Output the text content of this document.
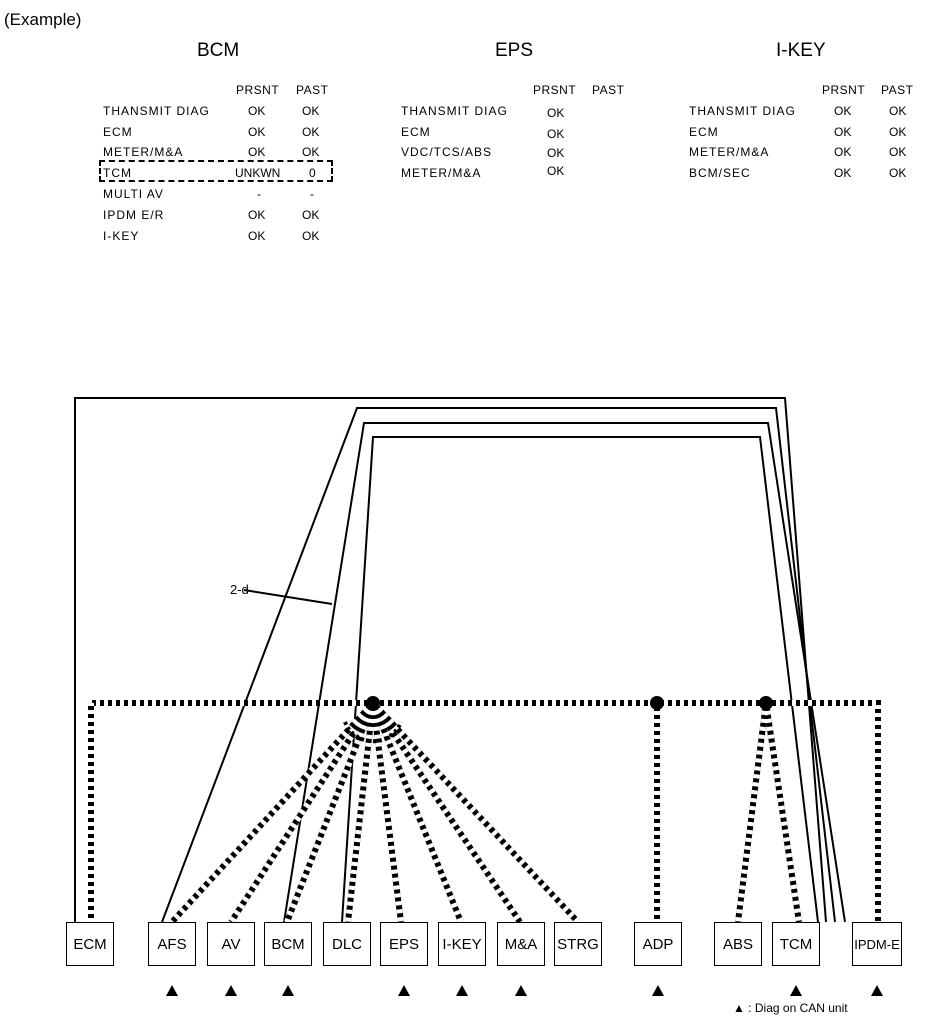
(Example)
BCM
PRSNT PAST
THANSMIT DIAG	OK	OK
ECM	OK	OK
METER/M&A	OK	OK
TCM	UNKWN 0
MULTI AV	-	-
IPDM E/R	OK	OK
I-KEY	OK	OK
EPS
PRSNT PAST
THANSMIT DIAG	OK
ECM	OK
VDC/TCS/ABS	OK
METER/M&A	OK
I-KEY
PRSNT PAST
THANSMIT DIAG	OK	OK
ECM	OK	OK
METER/M&A	OK	OK
BCM/SEC	OK	OK
2-d
ECM	AFS	AV	BCM	DLC	EPS	I-KEY	M&A	STRG	ADP	ABS	TCM	IPDM-E
▲ : Diag on CAN unit
